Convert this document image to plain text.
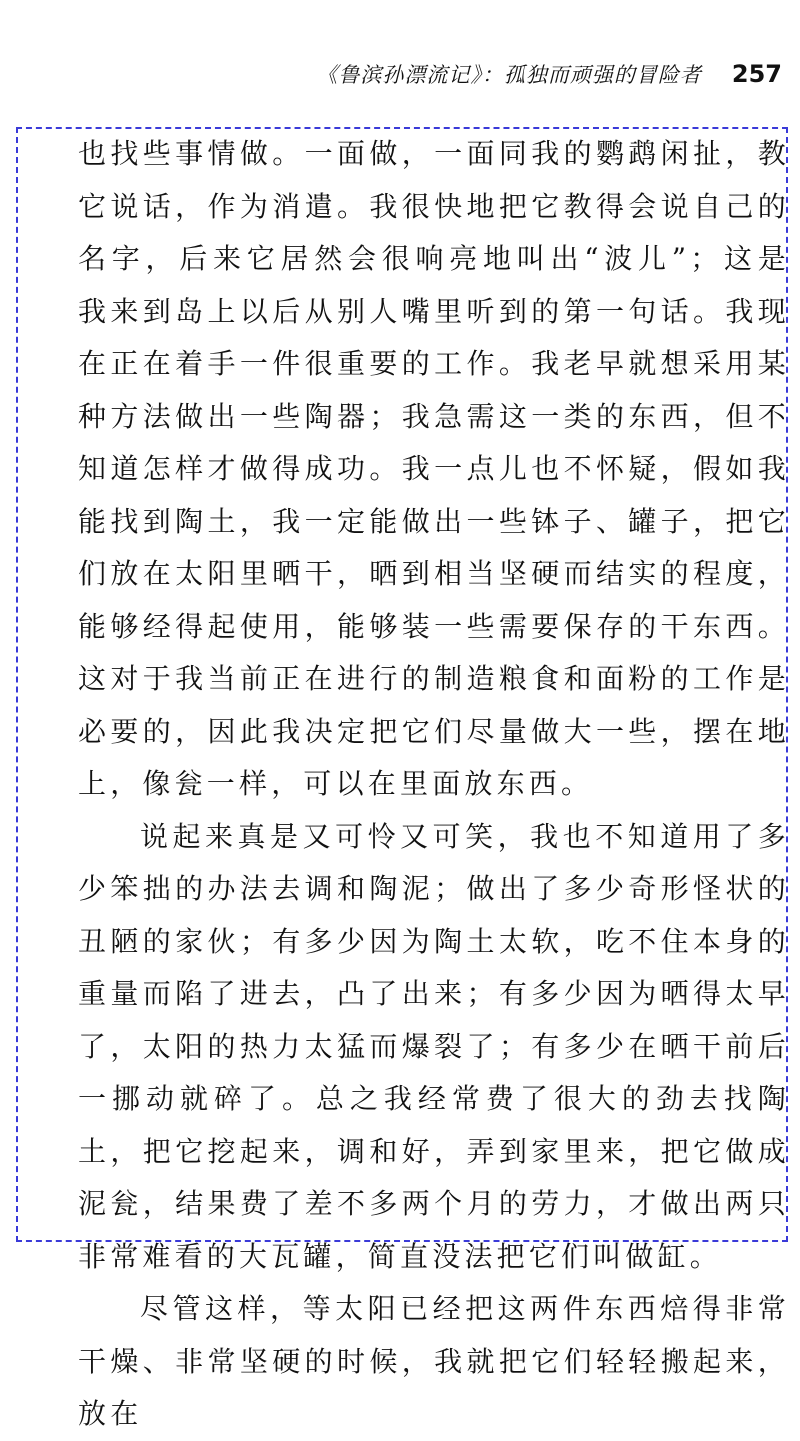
《鲁滨孙漂流记》：孤独而顽强的冒险者 257

也找些事情做。一面做，一面同我的鹦鹉闲扯，教它说话，作为消遣。我很快地把它教得会说自己的名字，后来它居然会很响亮地叫出“波儿”；这是我来到岛上以后从别人嘴里听到的第一句话。我现在正在着手一件很重要的工作。我老早就想采用某种方法做出一些陶器；我急需这一类的东西，但不知道怎样才做得成功。我一点儿也不怀疑，假如我能找到陶土，我一定能做出一些钵子、罐子，把它们放在太阳里晒干，晒到相当坚硬而结实的程度，能够经得起使用，能够装一些需要保存的干东西。这对于我当前正在进行的制造粮食和面粉的工作是必要的，因此我决定把它们尽量做大一些，摆在地上，像瓮一样，可以在里面放东西。

说起来真是又可怜又可笑，我也不知道用了多少笨拙的办法去调和陶泥；做出了多少奇形怪状的丑陋的家伙；有多少因为陶土太软，吃不住本身的重量而陷了进去，凸了出来；有多少因为晒得太早了，太阳的热力太猛而爆裂了；有多少在晒干前后一挪动就碎了。总之我经常费了很大的劲去找陶土，把它挖起来，调和好，弄到家里来，把它做成泥瓮，结果费了差不多两个月的劳力，才做出两只非常难看的大瓦罐，简直没法把它们叫做缸。

尽管这样，等太阳已经把这两件东西焙得非常干燥、非常坚硬的时候，我就把它们轻轻搬起来，放在
